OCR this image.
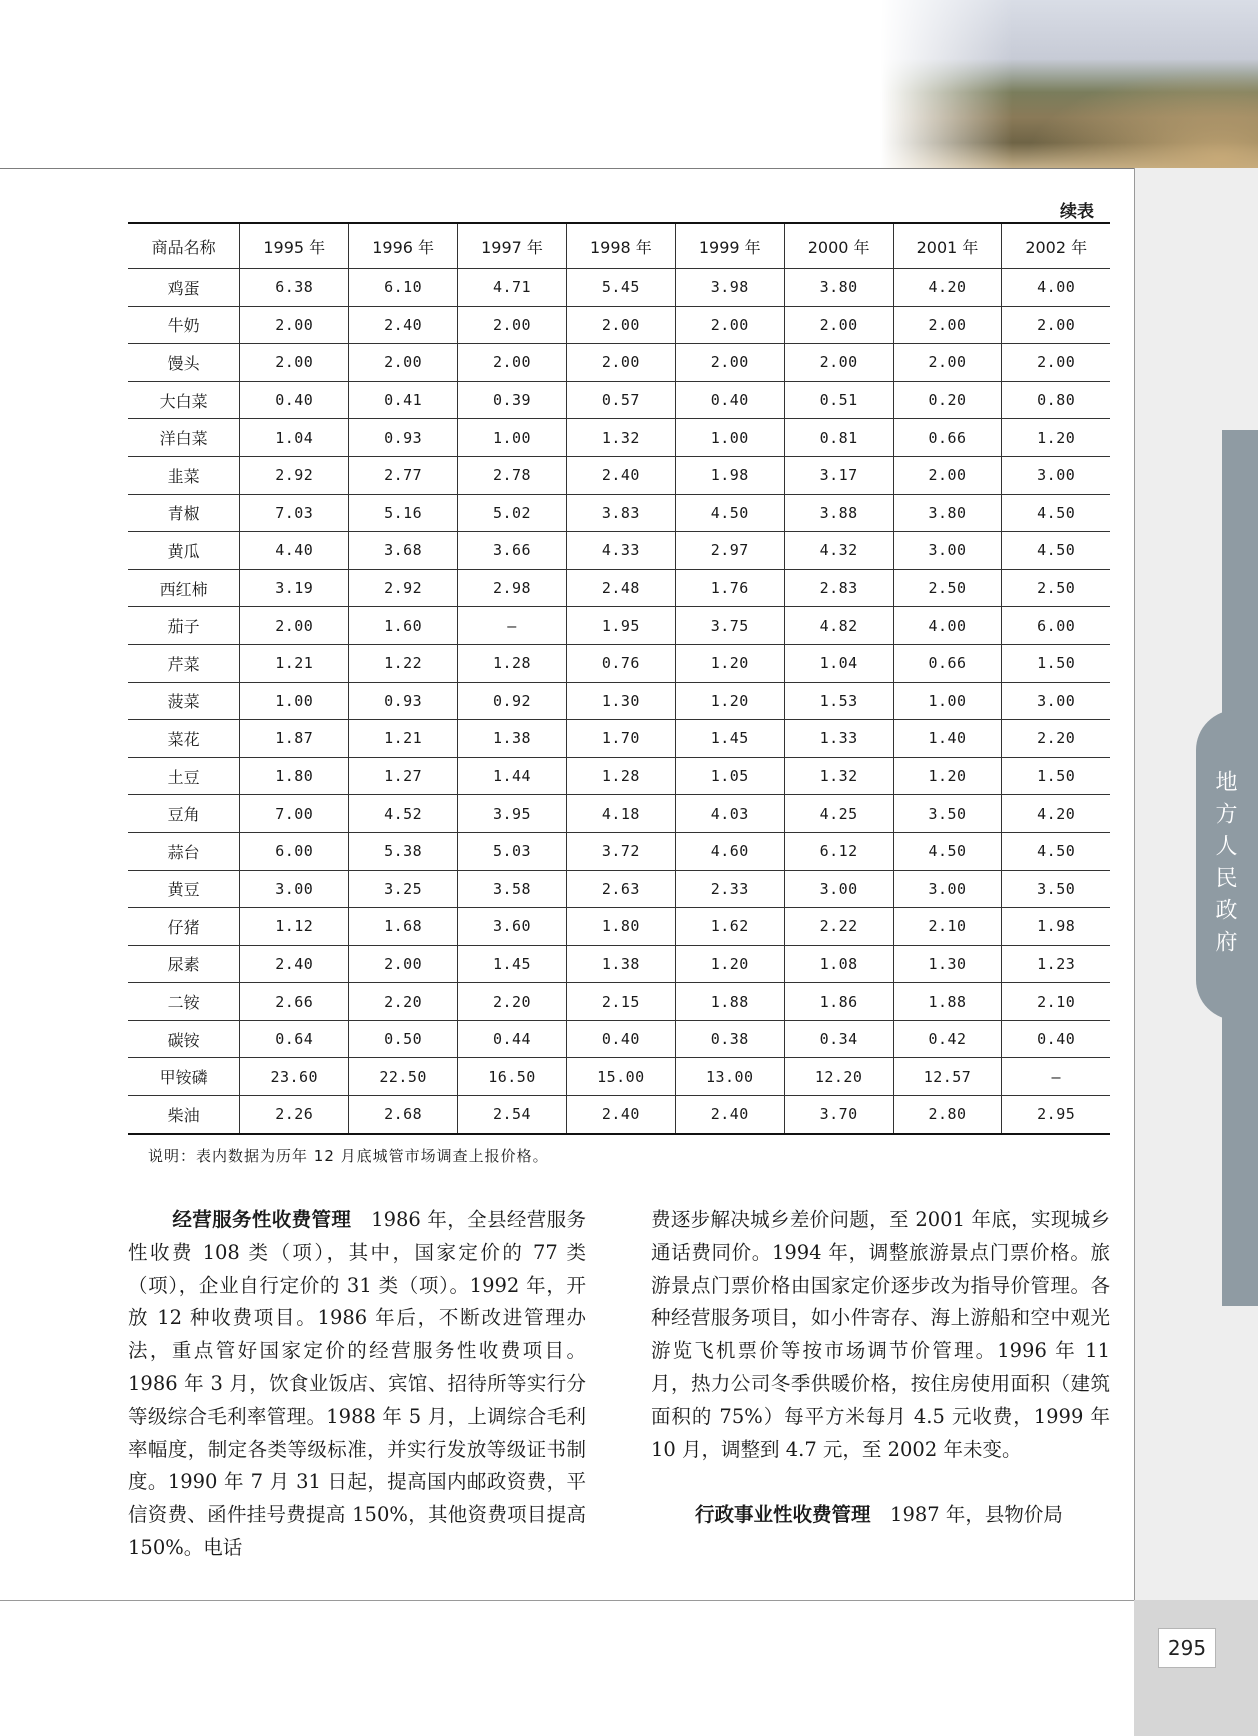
地方人民政府
续表
商品名称	1995 年	1996 年	1997 年	1998 年	1999 年	2000 年	2001 年	2002 年
鸡蛋	6.38	6.10	4.71	5.45	3.98	3.80	4.20	4.00
牛奶	2.00	2.40	2.00	2.00	2.00	2.00	2.00	2.00
馒头	2.00	2.00	2.00	2.00	2.00	2.00	2.00	2.00
大白菜	0.40	0.41	0.39	0.57	0.40	0.51	0.20	0.80
洋白菜	1.04	0.93	1.00	1.32	1.00	0.81	0.66	1.20
韭菜	2.92	2.77	2.78	2.40	1.98	3.17	2.00	3.00
青椒	7.03	5.16	5.02	3.83	4.50	3.88	3.80	4.50
黄瓜	4.40	3.68	3.66	4.33	2.97	4.32	3.00	4.50
西红柿	3.19	2.92	2.98	2.48	1.76	2.83	2.50	2.50
茄子	2.00	1.60	—	1.95	3.75	4.82	4.00	6.00
芹菜	1.21	1.22	1.28	0.76	1.20	1.04	0.66	1.50
菠菜	1.00	0.93	0.92	1.30	1.20	1.53	1.00	3.00
菜花	1.87	1.21	1.38	1.70	1.45	1.33	1.40	2.20
土豆	1.80	1.27	1.44	1.28	1.05	1.32	1.20	1.50
豆角	7.00	4.52	3.95	4.18	4.03	4.25	3.50	4.20
蒜台	6.00	5.38	5.03	3.72	4.60	6.12	4.50	4.50
黄豆	3.00	3.25	3.58	2.63	2.33	3.00	3.00	3.50
仔猪	1.12	1.68	3.60	1.80	1.62	2.22	2.10	1.98
尿素	2.40	2.00	1.45	1.38	1.20	1.08	1.30	1.23
二铵	2.66	2.20	2.20	2.15	1.88	1.86	1.88	2.10
碳铵	0.64	0.50	0.44	0.40	0.38	0.34	0.42	0.40
甲铵磷	23.60	22.50	16.50	15.00	13.00	12.20	12.57	—
柴油	2.26	2.68	2.54	2.40	2.40	3.70	2.80	2.95
说明：表内数据为历年 12 月底城管市场调查上报价格。

经营服务性收费管理　 1986 年，全县经营服务性收费 108 类（项），其中，国家定价的 77 类（项），企业自行定价的 31 类（项）。1992 年，开放 12 种收费项目。1986 年后，不断改进管理办法，重点管好国家定价的经营服务性收费项目。1986 年 3 月，饮食业饭店、宾馆、招待所等实行分等级综合毛利率管理。1988 年 5 月，上调综合毛利率幅度，制定各类等级标准，并实行发放等级证书制度。1990 年 7 月 31 日起，提高国内邮政资费，平信资费、函件挂号费提高 150%，其他资费项目提高 150%。电话

费逐步解决城乡差价问题，至 2001 年底，实现城乡通话费同价。1994 年，调整旅游景点门票价格。旅游景点门票价格由国家定价逐步改为指导价管理。各种经营服务项目，如小件寄存、海上游船和空中观光游览飞机票价等按市场调节价管理。1996 年 11 月，热力公司冬季供暖价格，按住房使用面积（建筑面积的 75%）每平方米每月 4.5 元收费，1999 年 10 月，调整到 4.7 元，至 2002 年未变。

行政事业性收费管理　 1987 年，县物价局

295
